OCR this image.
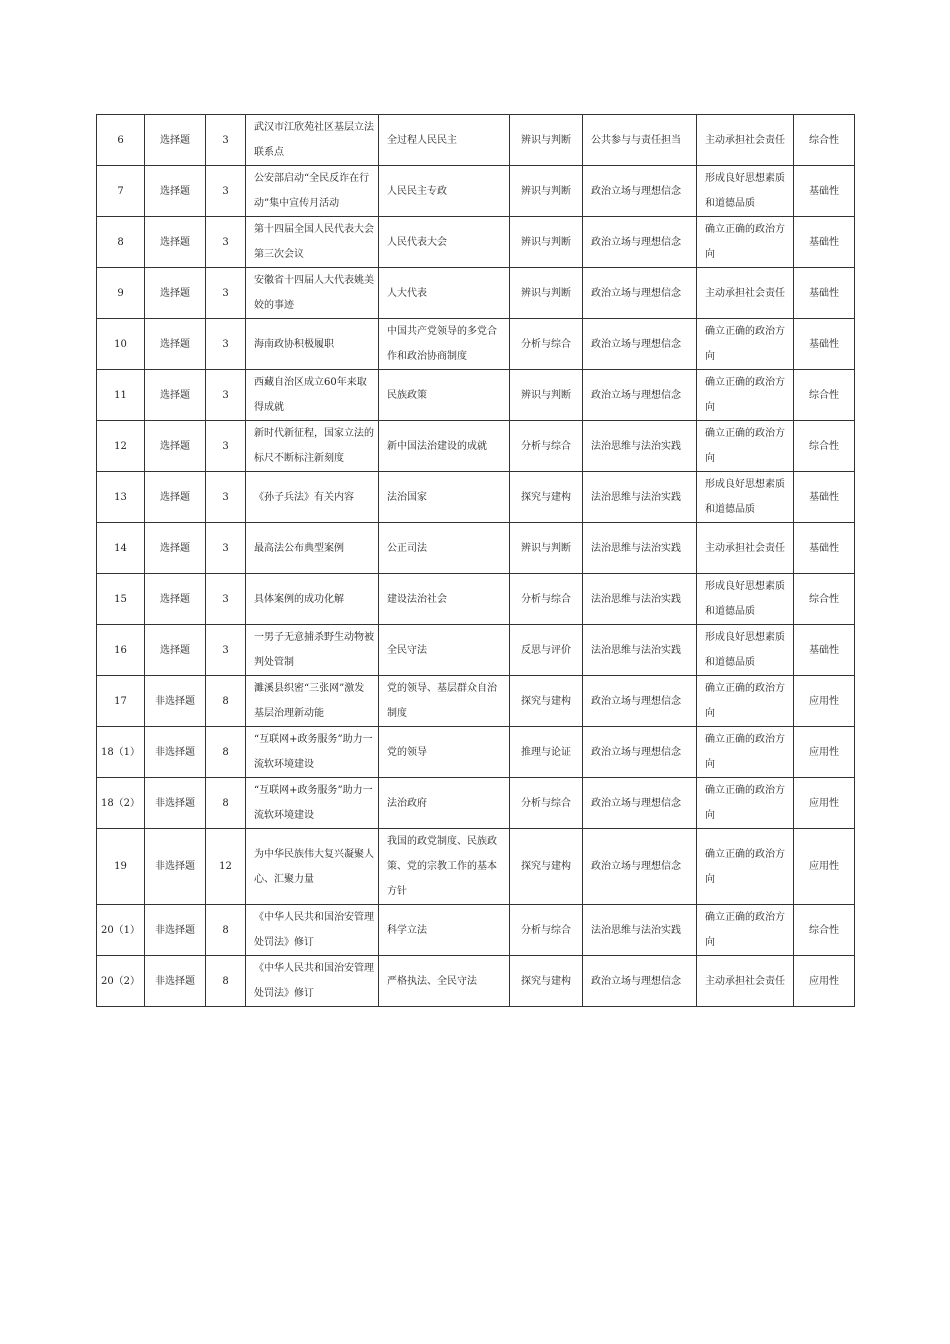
6	选择题	3	武汉市江欣苑社区基层立法联系点	全过程人民民主	辨识与判断	公共参与与责任担当	主动承担社会责任	综合性
7	选择题	3	公安部启动“全民反诈在行动”集中宣传月活动	人民民主专政	辨识与判断	政治立场与理想信念	形成良好思想素质和道德品质	基础性
8	选择题	3	第十四届全国人民代表大会第三次会议	人民代表大会	辨识与判断	政治立场与理想信念	确立正确的政治方向	基础性
9	选择题	3	安徽省十四届人大代表姚美姣的事迹	人大代表	辨识与判断	政治立场与理想信念	主动承担社会责任	基础性
10	选择题	3	海南政协积极履职	中国共产党领导的多党合作和政治协商制度	分析与综合	政治立场与理想信念	确立正确的政治方向	基础性
11	选择题	3	西藏自治区成立60年来取得成就	民族政策	辨识与判断	政治立场与理想信念	确立正确的政治方向	综合性
12	选择题	3	新时代新征程，国家立法的标尺不断标注新刻度	新中国法治建设的成就	分析与综合	法治思维与法治实践	确立正确的政治方向	综合性
13	选择题	3	《孙子兵法》有关内容	法治国家	探究与建构	法治思维与法治实践	形成良好思想素质和道德品质	基础性
14	选择题	3	最高法公布典型案例	公正司法	辨识与判断	法治思维与法治实践	主动承担社会责任	基础性
15	选择题	3	具体案例的成功化解	建设法治社会	分析与综合	法治思维与法治实践	形成良好思想素质和道德品质	综合性
16	选择题	3	一男子无意捕杀野生动物被判处管制	全民守法	反思与评价	法治思维与法治实践	形成良好思想素质和道德品质	基础性
17	非选择题	8	濉溪县织密“三张网”激发基层治理新动能	党的领导、基层群众自治制度	探究与建构	政治立场与理想信念	确立正确的政治方向	应用性
18（1）	非选择题	8	“互联网+政务服务”助力一流软环境建设	党的领导	推理与论证	政治立场与理想信念	确立正确的政治方向	应用性
18（2）	非选择题	8	“互联网+政务服务”助力一流软环境建设	法治政府	分析与综合	政治立场与理想信念	确立正确的政治方向	应用性
19	非选择题	12	为中华民族伟大复兴凝聚人心、汇聚力量	我国的政党制度、民族政策、党的宗教工作的基本方针	探究与建构	政治立场与理想信念	确立正确的政治方向	应用性
20（1）	非选择题	8	《中华人民共和国治安管理处罚法》修订	科学立法	分析与综合	法治思维与法治实践	确立正确的政治方向	综合性
20（2）	非选择题	8	《中华人民共和国治安管理处罚法》修订	严格执法、全民守法	探究与建构	政治立场与理想信念	主动承担社会责任	应用性
